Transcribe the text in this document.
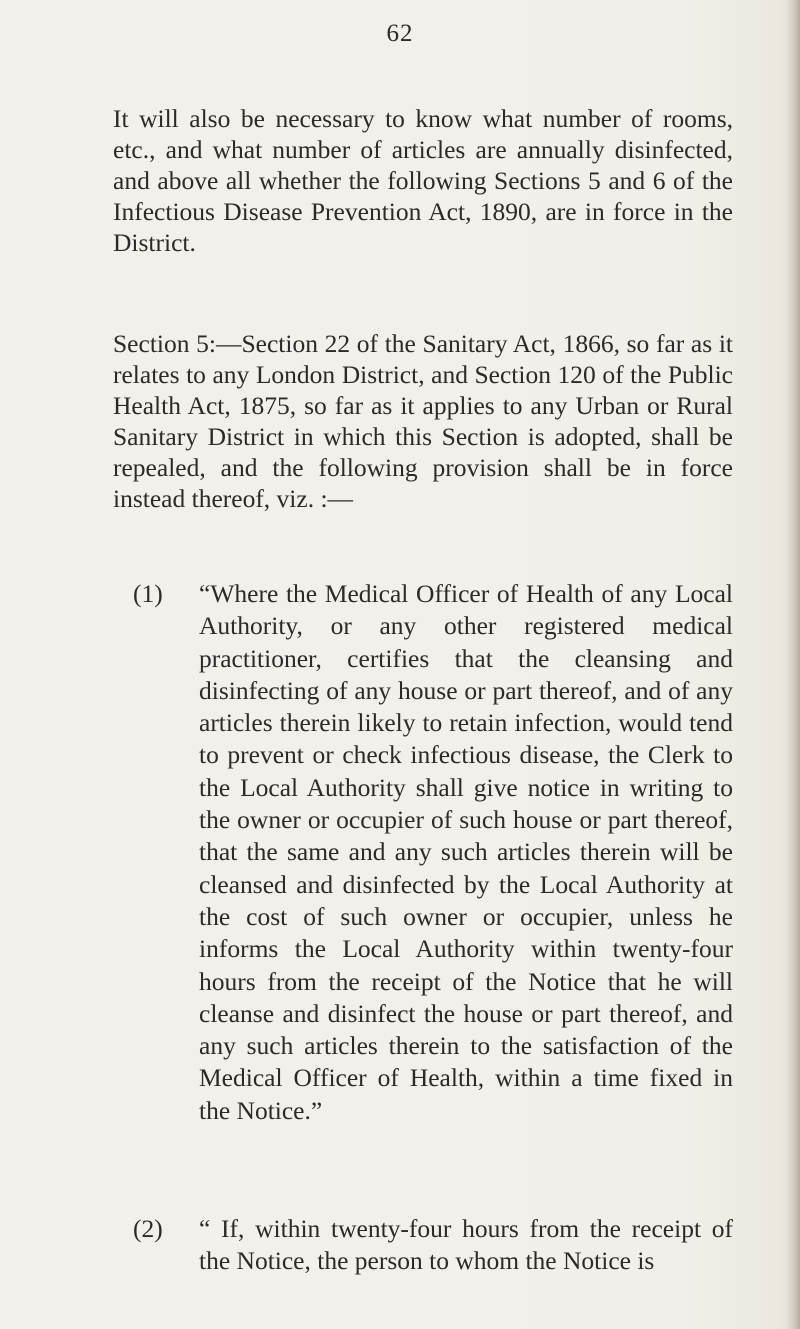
62
It will also be necessary to know what number of rooms, etc., and what number of articles are annually disinfected, and above all whether the following Sections 5 and 6 of the Infectious Disease Prevention Act, 1890, are in force in the District.
Section 5:—Section 22 of the Sanitary Act, 1866, so far as it relates to any London District, and Section 120 of the Public Health Act, 1875, so far as it applies to any Urban or Rural Sanitary District in which this Section is adopted, shall be repealed, and the following provision shall be in force instead thereof, viz. :—
(1) “Where the Medical Officer of Health of any Local Authority, or any other registered medical practitioner, certifies that the cleansing and disinfecting of any house or part thereof, and of any articles therein likely to retain infection, would tend to prevent or check infectious disease, the Clerk to the Local Authority shall give notice in writing to the owner or occupier of such house or part thereof, that the same and any such articles therein will be cleansed and disinfected by the Local Authority at the cost of such owner or occupier, unless he informs the Local Authority within twenty-four hours from the receipt of the Notice that he will cleanse and disinfect the house or part thereof, and any such articles therein to the satisfaction of the Medical Officer of Health, within a time fixed in the Notice.”
(2) “ If, within twenty-four hours from the receipt of the Notice, the person to whom the Notice is
